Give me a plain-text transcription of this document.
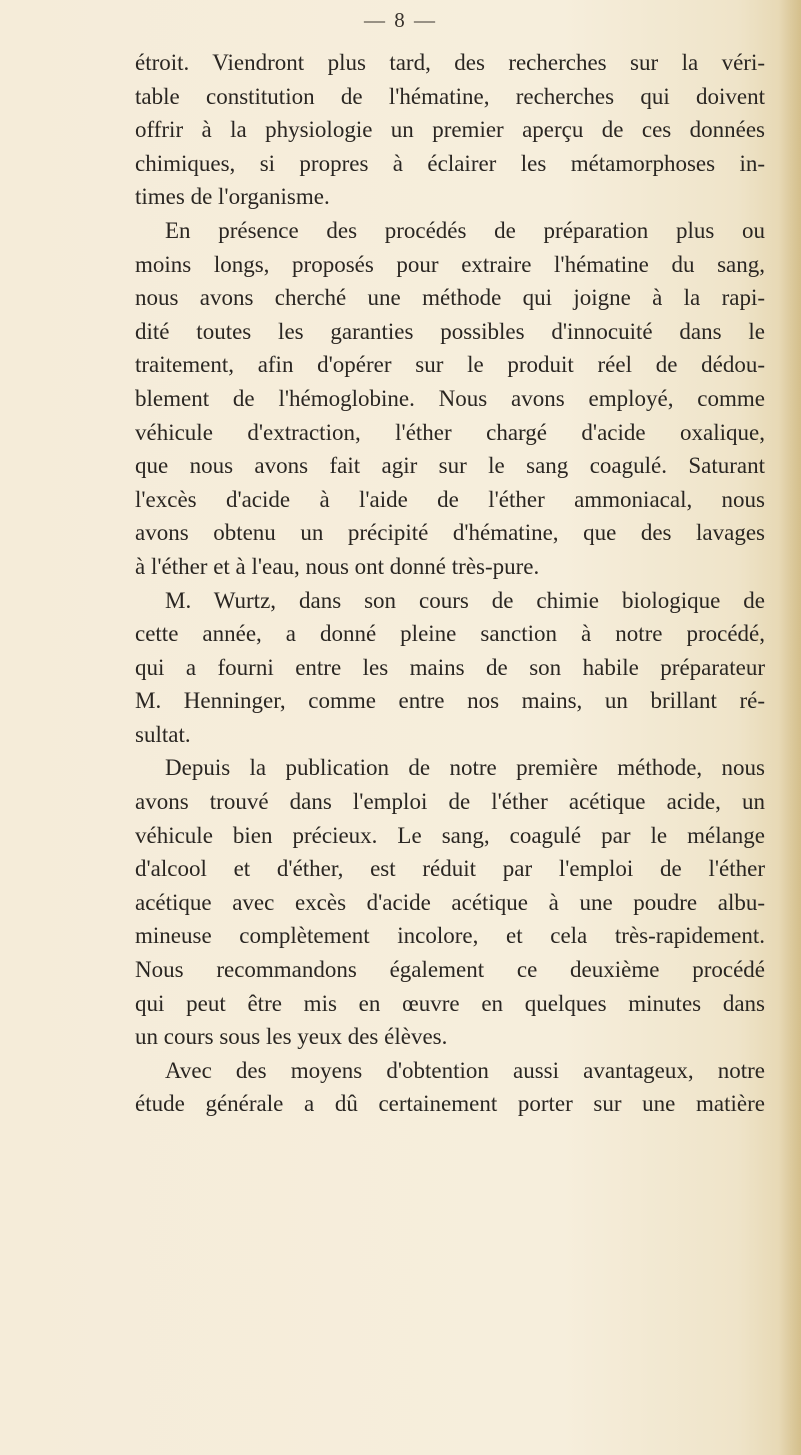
— 8 —
étroit. Viendront plus tard, des recherches sur la véri-
table constitution de l'hématine, recherches qui doivent
offrir à la physiologie un premier aperçu de ces données
chimiques, si propres à éclairer les métamorphoses in-
times de l'organisme.
En présence des procédés de préparation plus ou
moins longs, proposés pour extraire l'hématine du sang,
nous avons cherché une méthode qui joigne à la rapi-
dité toutes les garanties possibles d'innocuité dans le
traitement, afin d'opérer sur le produit réel de dédou-
blement de l'hémoglobine. Nous avons employé, comme
véhicule d'extraction, l'éther chargé d'acide oxalique,
que nous avons fait agir sur le sang coagulé. Saturant
l'excès d'acide à l'aide de l'éther ammoniacal, nous
avons obtenu un précipité d'hématine, que des lavages
à l'éther et à l'eau, nous ont donné très-pure.
M. Wurtz, dans son cours de chimie biologique de
cette année, a donné pleine sanction à notre procédé,
qui a fourni entre les mains de son habile préparateur
M. Henninger, comme entre nos mains, un brillant ré-
sultat.
Depuis la publication de notre première méthode, nous
avons trouvé dans l'emploi de l'éther acétique acide, un
véhicule bien précieux. Le sang, coagulé par le mélange
d'alcool et d'éther, est réduit par l'emploi de l'éther
acétique avec excès d'acide acétique à une poudre albu-
mineuse complètement incolore, et cela très-rapidement.
Nous recommandons également ce deuxième procédé
qui peut être mis en œuvre en quelques minutes dans
un cours sous les yeux des élèves.
Avec des moyens d'obtention aussi avantageux, notre
étude générale a dû certainement porter sur une matière
